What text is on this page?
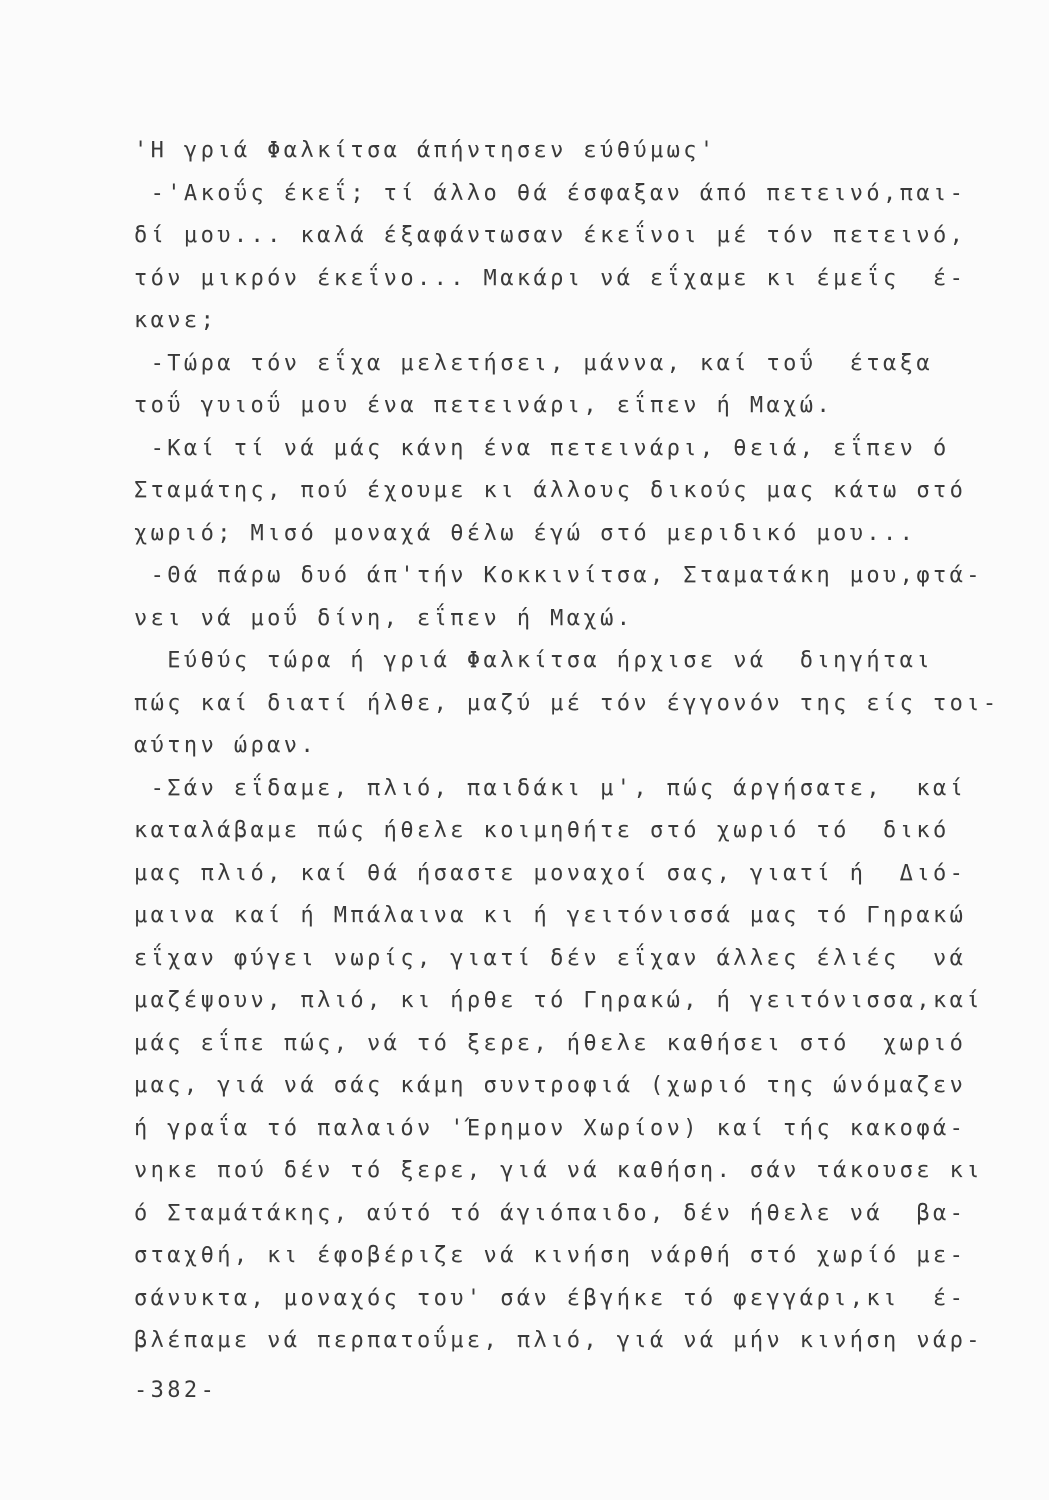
'Η γριά Φαλκίτσα άπήντησεν εύθύμως'
-'Ακοΰς έκεΐ; τί άλλο θά έσφαξαν άπό πετεινό,παι-
δί μου... καλά έξαφάντωσαν έκεΐνοι μέ τόν πετεινό,
τόν μικρόν έκεΐνο... Μακάρι νά εΐχαμε κι έμεΐς  έ-
κανε;
-Τώρα τόν εΐχα μελετήσει, μάννα, καί τοΰ  έταξα
τοΰ γυιοΰ μου ένα πετεινάρι, εΐπεν ή Μαχώ.
-Καί τί νά μάς κάνη ένα πετεινάρι, θειά, εΐπεν ό
Σταμάτης, πού έχουμε κι άλλους δικούς μας κάτω στό
χωριό; Μισό μοναχά θέλω έγώ στό μεριδικό μου...
-Θά πάρω δυό άπ'τήν Κοκκινίτσα, Σταματάκη μου,φτά-
νει νά μοΰ δίνη, εΐπεν ή Μαχώ.
Εύθύς τώρα ή γριά Φαλκίτσα ήρχισε νά  διηγήται
πώς καί διατί ήλθε, μαζύ μέ τόν έγγονόν της είς τοι-
αύτην ώραν.
-Σάν εΐδαμε, πλιό, παιδάκι μ', πώς άργήσατε,  καί
καταλάβαμε πώς ήθελε κοιμηθήτε στό χωριό τό  δικό
μας πλιό, καί θά ήσαστε μοναχοί σας, γιατί ή  Διό-
μαινα καί ή Μπάλαινα κι ή γειτόνισσά μας τό Γηρακώ
εΐχαν φύγει νωρίς, γιατί δέν εΐχαν άλλες έλιές  νά
μαζέψουν, πλιό, κι ήρθε τό Γηρακώ, ή γειτόνισσα,καί
μάς εΐπε πώς, νά τό ξερε, ήθελε καθήσει στό  χωριό
μας, γιά νά σάς κάμη συντροφιά (χωριό της ώνόμαζεν
ή γραΐα τό παλαιόν 'Έρημον Χωρίον) καί τής κακοφά-
νηκε πού δέν τό ξερε, γιά νά καθήση. σάν τάκουσε κι
ό Σταμάτάκης, αύτό τό άγιόπαιδο, δέν ήθελε νά  βα-
σταχθή, κι έφοβέριζε νά κινήση νάρθή στό χωρίό με-
σάνυκτα, μοναχός του' σάν έβγήκε τό φεγγάρι,κι  έ-
βλέπαμε νά περπατοΰμε, πλιό, γιά νά μήν κινήση νάρ-
-382-
